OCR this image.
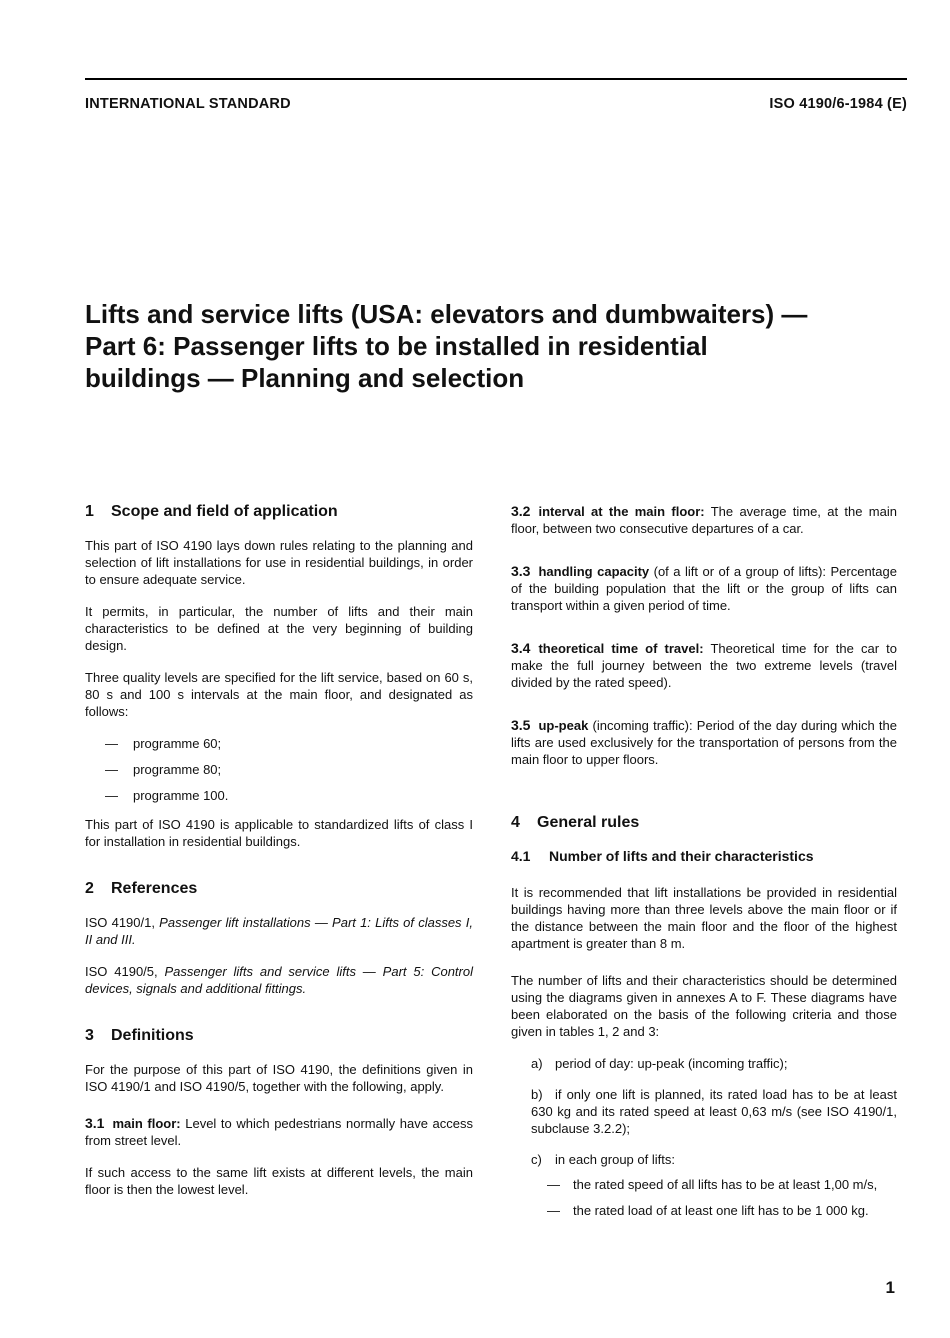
INTERNATIONAL STANDARD	ISO 4190/6-1984 (E)
Lifts and service lifts (USA: elevators and dumbwaiters) —
Part 6: Passenger lifts to be installed in residential
buildings — Planning and selection
1 Scope and field of application

This part of ISO 4190 lays down rules relating to the planning and selection of lift installations for use in residential buildings, in order to ensure adequate service.

It permits, in particular, the number of lifts and their main characteristics to be defined at the very beginning of building design.

Three quality levels are specified for the lift service, based on 60 s, 80 s and 100 s intervals at the main floor, and designated as follows:

— programme 60;
— programme 80;
— programme 100.

This part of ISO 4190 is applicable to standardized lifts of class I for installation in residential buildings.

2 References

ISO 4190/1, Passenger lift installations — Part 1: Lifts of classes I, II and III.

ISO 4190/5, Passenger lifts and service lifts — Part 5: Control devices, signals and additional fittings.

3 Definitions

For the purpose of this part of ISO 4190, the definitions given in ISO 4190/1 and ISO 4190/5, together with the following, apply.

3.1 main floor: Level to which pedestrians normally have access from street level.

If such access to the same lift exists at different levels, the main floor is then the lowest level.

3.2 interval at the main floor: The average time, at the main floor, between two consecutive departures of a car.

3.3 handling capacity (of a lift or of a group of lifts): Percentage of the building population that the lift or the group of lifts can transport within a given period of time.

3.4 theoretical time of travel: Theoretical time for the car to make the full journey between the two extreme levels (travel divided by the rated speed).

3.5 up-peak (incoming traffic): Period of the day during which the lifts are used exclusively for the transportation of persons from the main floor to upper floors.

4 General rules
4.1 Number of lifts and their characteristics

It is recommended that lift installations be provided in residential buildings having more than three levels above the main floor or if the distance between the main floor and the floor of the highest apartment is greater than 8 m.

The number of lifts and their characteristics should be determined using the diagrams given in annexes A to F. These diagrams have been elaborated on the basis of the following criteria and those given in tables 1, 2 and 3:

a) period of day: up-peak (incoming traffic);
b) if only one lift is planned, its rated load has to be at least 630 kg and its rated speed at least 0,63 m/s (see ISO 4190/1, subclause 3.2.2);
c) in each group of lifts:
— the rated speed of all lifts has to be at least 1,00 m/s,
— the rated load of at least one lift has to be 1 000 kg.
1
